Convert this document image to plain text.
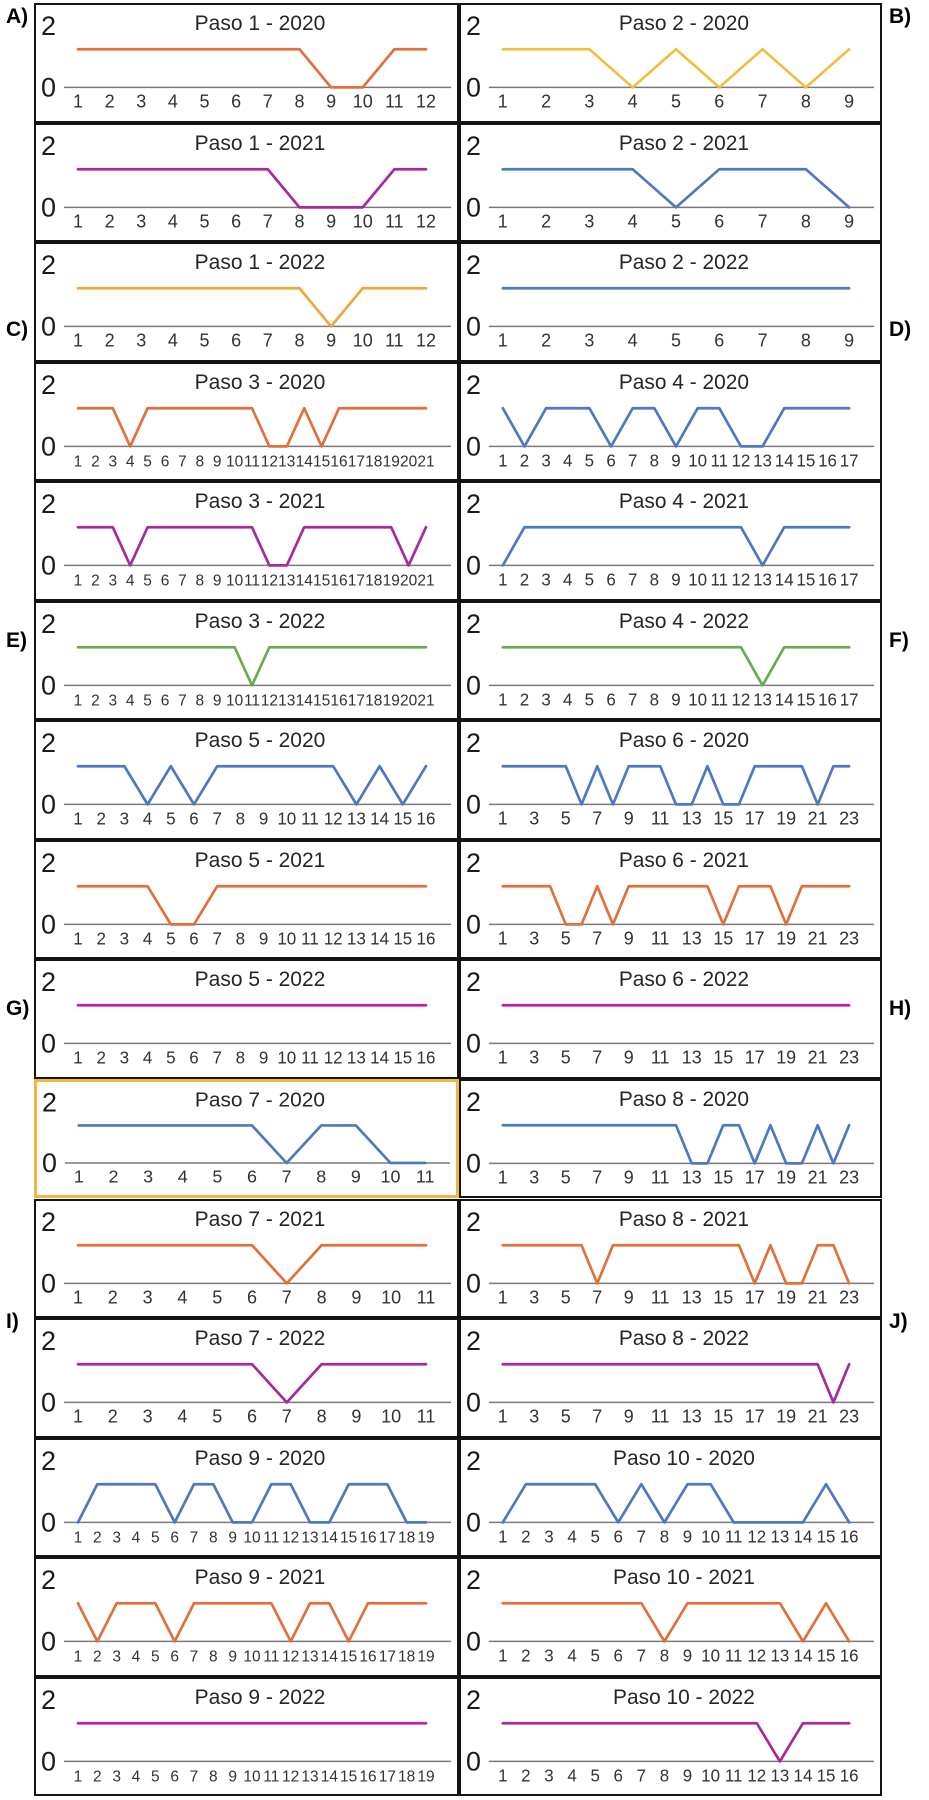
A)	B)
C)	D)
E)	F)
G)	H)
I)	J)
2
0
Paso 1 - 2020
1 2 3 4 5 6 7 8 9 10 11 12
2
0
Paso 1 - 2021
1 2 3 4 5 6 7 8 9 10 11 12
2
0
Paso 1 - 2022
1 2 3 4 5 6 7 8 9 10 11 12
2
0
Paso 2 - 2020
1 2 3 4 5 6 7 8 9
2
0
Paso 2 - 2021
1 2 3 4 5 6 7 8 9
2
0
Paso 2 - 2022
1 2 3 4 5 6 7 8 9
2
0
Paso 3 - 2020
1 2 3 4 5 6 7 8 9 10 11 12 13 14 15 16 17 18 19 20 21
2
0
Paso 3 - 2021
1 2 3 4 5 6 7 8 9 10 11 12 13 14 15 16 17 18 19 20 21
2
0
Paso 3 - 2022
1 2 3 4 5 6 7 8 9 10 11 12 13 14 15 16 17 18 19 20 21
2
0
Paso 4 - 2020
1 2 3 4 5 6 7 8 9 10 11 12 13 14 15 16 17
2
0
Paso 4 - 2021
1 2 3 4 5 6 7 8 9 10 11 12 13 14 15 16 17
2
0
Paso 4 - 2022
1 2 3 4 5 6 7 8 9 10 11 12 13 14 15 16 17
2
0
Paso 5 - 2020
1 2 3 4 5 6 7 8 9 10 11 12 13 14 15 16
2
0
Paso 5 - 2021
1 2 3 4 5 6 7 8 9 10 11 12 13 14 15 16
2
0
Paso 5 - 2022
1 2 3 4 5 6 7 8 9 10 11 12 13 14 15 16
2
0
Paso 6 - 2020
1 3 5 7 9 11 13 15 17 19 21 23
2
0
Paso 6 - 2021
1 3 5 7 9 11 13 15 17 19 21 23
2
0
Paso 6 - 2022
1 3 5 7 9 11 13 15 17 19 21 23
2
0
Paso 7 - 2020
1 2 3 4 5 6 7 8 9 10 11
2
0
Paso 7 - 2021
1 2 3 4 5 6 7 8 9 10 11
2
0
Paso 7 - 2022
1 2 3 4 5 6 7 8 9 10 11
2
0
Paso 8 - 2020
1 3 5 7 9 11 13 15 17 19 21 23
2
0
Paso 8 - 2021
1 3 5 7 9 11 13 15 17 19 21 23
2
0
Paso 8 - 2022
1 3 5 7 9 11 13 15 17 19 21 23
2
0
Paso 9 - 2020
1 2 3 4 5 6 7 8 9 10 11 12 13 14 15 16 17 18 19
2
0
Paso 9 - 2021
1 2 3 4 5 6 7 8 9 10 11 12 13 14 15 16 17 18 19
2
0
Paso 9 - 2022
1 2 3 4 5 6 7 8 9 10 11 12 13 14 15 16 17 18 19
2
0
Paso 10 - 2020
1 2 3 4 5 6 7 8 9 10 11 12 13 14 15 16
2
0
Paso 10 - 2021
1 2 3 4 5 6 7 8 9 10 11 12 13 14 15 16
2
0
Paso 10 - 2022
1 2 3 4 5 6 7 8 9 10 11 12 13 14 15 16
